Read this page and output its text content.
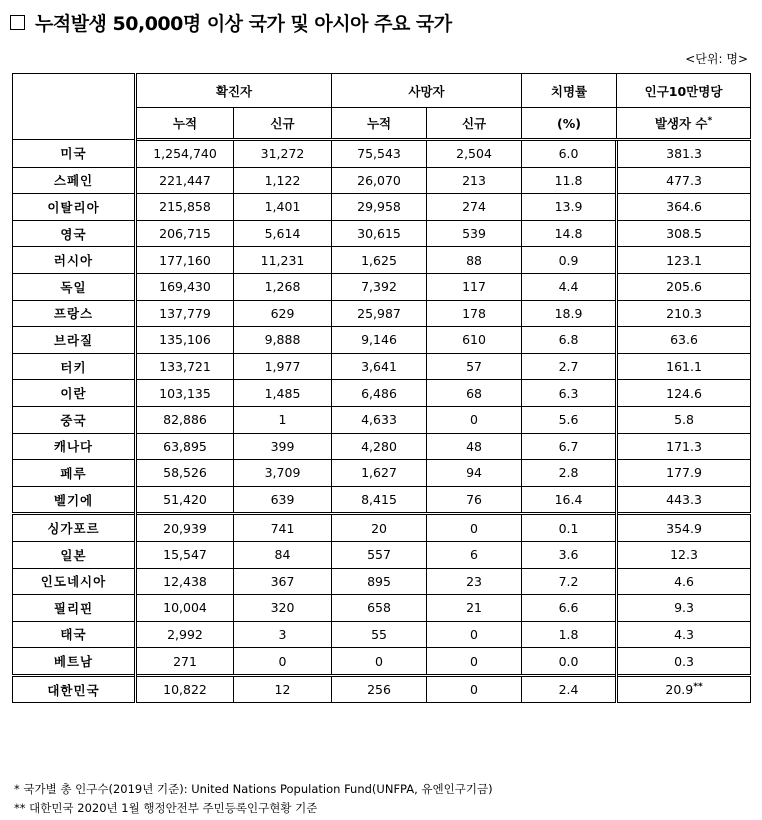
누적발생 50,000명 이상 국가 및 아시아 주요 국가
<단위: 명>
	확진자		사망자		치명률	인구10만명당
	누적	신규	누적	신규	(%)	발생자 수*
미국	1,254,740	31,272	75,543	2,504	6.0	381.3
스페인	221,447	1,122	26,070	213	11.8	477.3
이탈리아	215,858	1,401	29,958	274	13.9	364.6
영국	206,715	5,614	30,615	539	14.8	308.5
러시아	177,160	11,231	1,625	88	0.9	123.1
독일	169,430	1,268	7,392	117	4.4	205.6
프랑스	137,779	629	25,987	178	18.9	210.3
브라질	135,106	9,888	9,146	610	6.8	63.6
터키	133,721	1,977	3,641	57	2.7	161.1
이란	103,135	1,485	6,486	68	6.3	124.6
중국	82,886	1	4,633	0	5.6	5.8
캐나다	63,895	399	4,280	48	6.7	171.3
페루	58,526	3,709	1,627	94	2.8	177.9
벨기에	51,420	639	8,415	76	16.4	443.3
싱가포르	20,939	741	20	0	0.1	354.9
일본	15,547	84	557	6	3.6	12.3
인도네시아	12,438	367	895	23	7.2	4.6
필리핀	10,004	320	658	21	6.6	9.3
태국	2,992	3	55	0	1.8	4.3
베트남	271	0	0	0	0.0	0.3
대한민국	10,822	12	256	0	2.4	20.9**
* 국가별 총 인구수(2019년 기준): United Nations Population Fund(UNFPA, 유엔인구기금)
** 대한민국 2020년 1월 행정안전부 주민등록인구현황 기준
